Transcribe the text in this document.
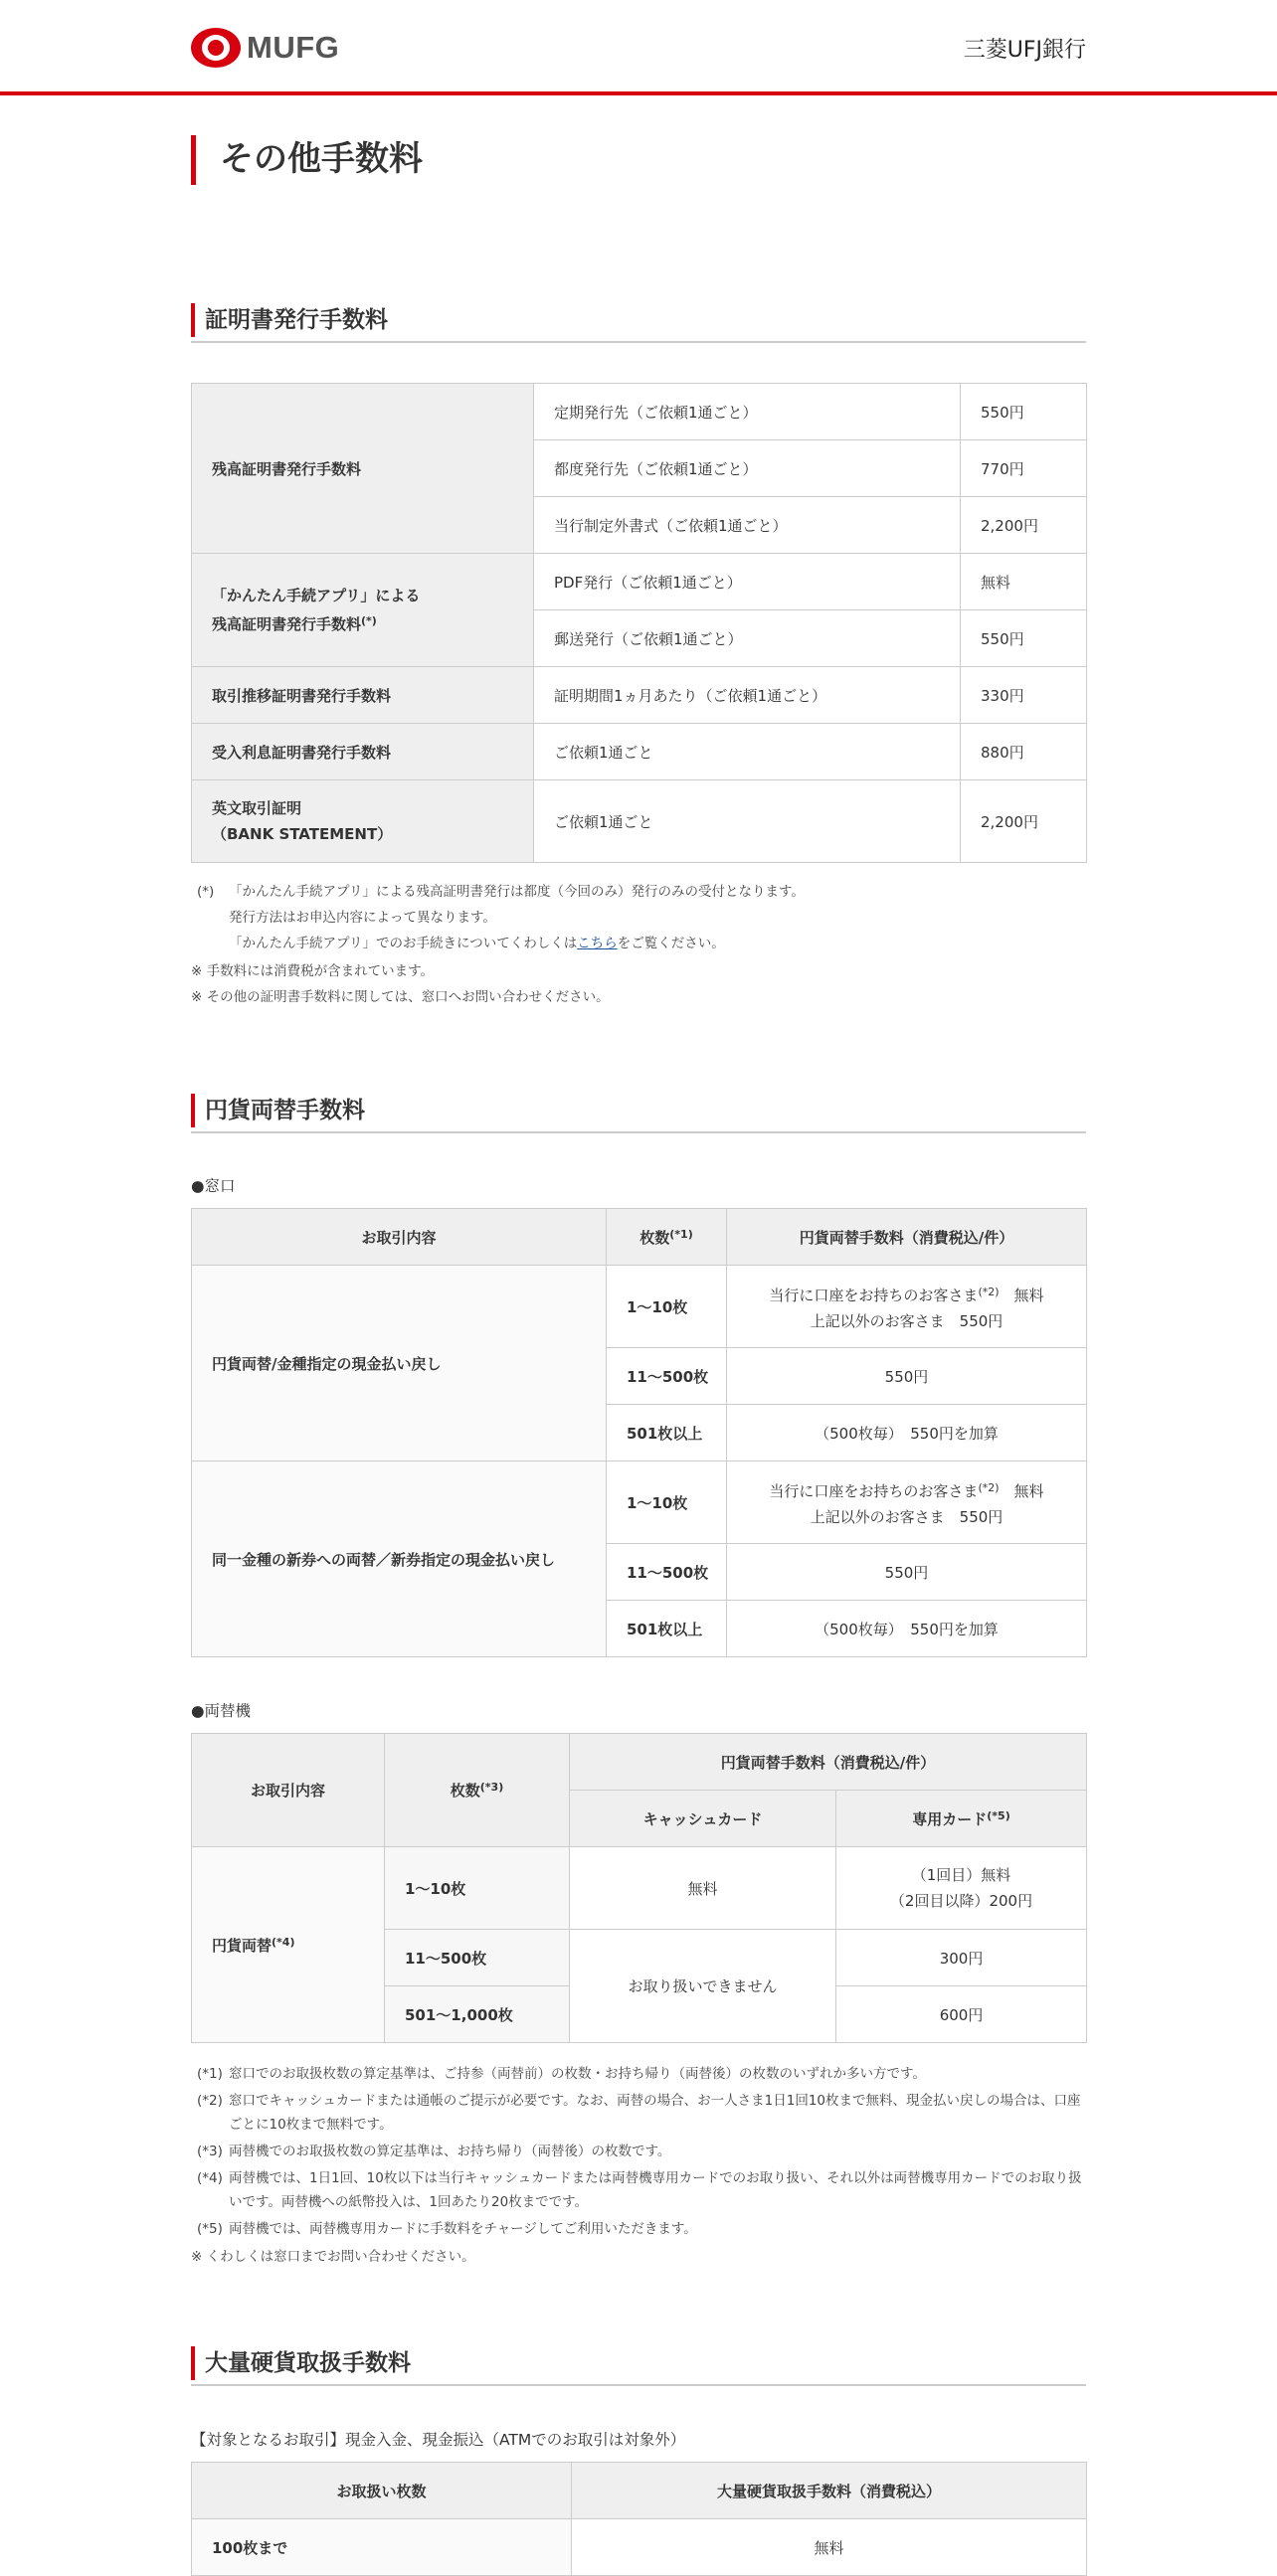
MUFG	三菱UFJ銀行
その他手数料
証明書発行手数料
残高証明書発行手数料	定期発行先（ご依頼1通ごと）	550円
	都度発行先（ご依頼1通ごと）	770円
	当行制定外書式（ご依頼1通ごと）	2,200円

「かんたん手続アプリ」による
残高証明書発行手数料(*)	PDF発行（ご依頼1通ごと）	無料
	郵送発行（ご依頼1通ごと）	550円
取引推移証明書発行手数料	証明期間1ヵ月あたり（ご依頼1通ごと）	330円
受入利息証明書発行手数料	ご依頼1通ごと	880円

英文取引証明
（BANK STATEMENT）	ご依頼1通ごと	2,200円
(*)	「かんたん手続アプリ」による残高証明書発行は都度（今回のみ）発行のみの受付となります。
発行方法はお申込内容によって異なります。
「かんたん手続アプリ」でのお手続きについてくわしくはこちらをご覧ください。
※ 手数料には消費税が含まれています。
※ その他の証明書手数料に関しては、窓口へお問い合わせください。
円貨両替手数料
●窓口
お取引内容	枚数$^{(*1)}$	円貨両替手数料（消費税込/件）
円貨両替/金種指定の現金払い戻し	1～10枚	当行に口座をお持ちのお客さま$^{(*2)}$　 無料
上記以外のお客さま　550円

	11～500枚	550円
	501枚以上	（500枚毎）　550円を加算
同一金種の新券への両替／新券指定の現金払い戻し	1～10枚	当行に口座をお持ちのお客さま$^{(*2)}$　 無料
上記以外のお客さま　550円

	11～500枚	550円
	501枚以上	（500枚毎）　550円を加算
●両替機
お取引内容	枚数$^{(*3)}$	円貨両替手数料（消費税込/件）	
		キャッシュカード	専用カード$^{(*5)}$
円貨両替$^{(*4)}$	1～10枚	無料	（1回目）無料
（2回目以降）200円

	11～500枚	お取り扱いできません	300円
	501～1,000枚		600円
(*1) 窓口でのお取扱枚数の算定基準は、ご持参（両替前）の枚数・お持ち帰り（両替後）の枚数のいずれか多い方です。
(*2) 窓口でキャッシュカードまたは通帳のご提示が必要です。なお、両替の場合、お一人さま1日1回10枚まで無料、現金払い戻しの場合は、口座ごとに10枚まで無料です。
(*3) 両替機でのお取扱枚数の算定基準は、お持ち帰り（両替後）の枚数です。
(*4) 両替機では、1日1回、10枚以下は当行キャッシュカードまたは両替機専用カードでのお取り扱い、それ以外は両替機専用カードでのお取り扱いです。両替機への紙幣投入は、1回あたり20枚までです。
(*5) 両替機では、両替機専用カードに手数料をチャージしてご利用いただきます。
※ くわしくは窓口までお問い合わせください。
大量硬貨取扱手数料
【対象となるお取引】現金入金、現金振込（ATMでのお取引は対象外）
お取扱い枚数	大量硬貨取扱手数料（消費税込）
100枚まで	無料
